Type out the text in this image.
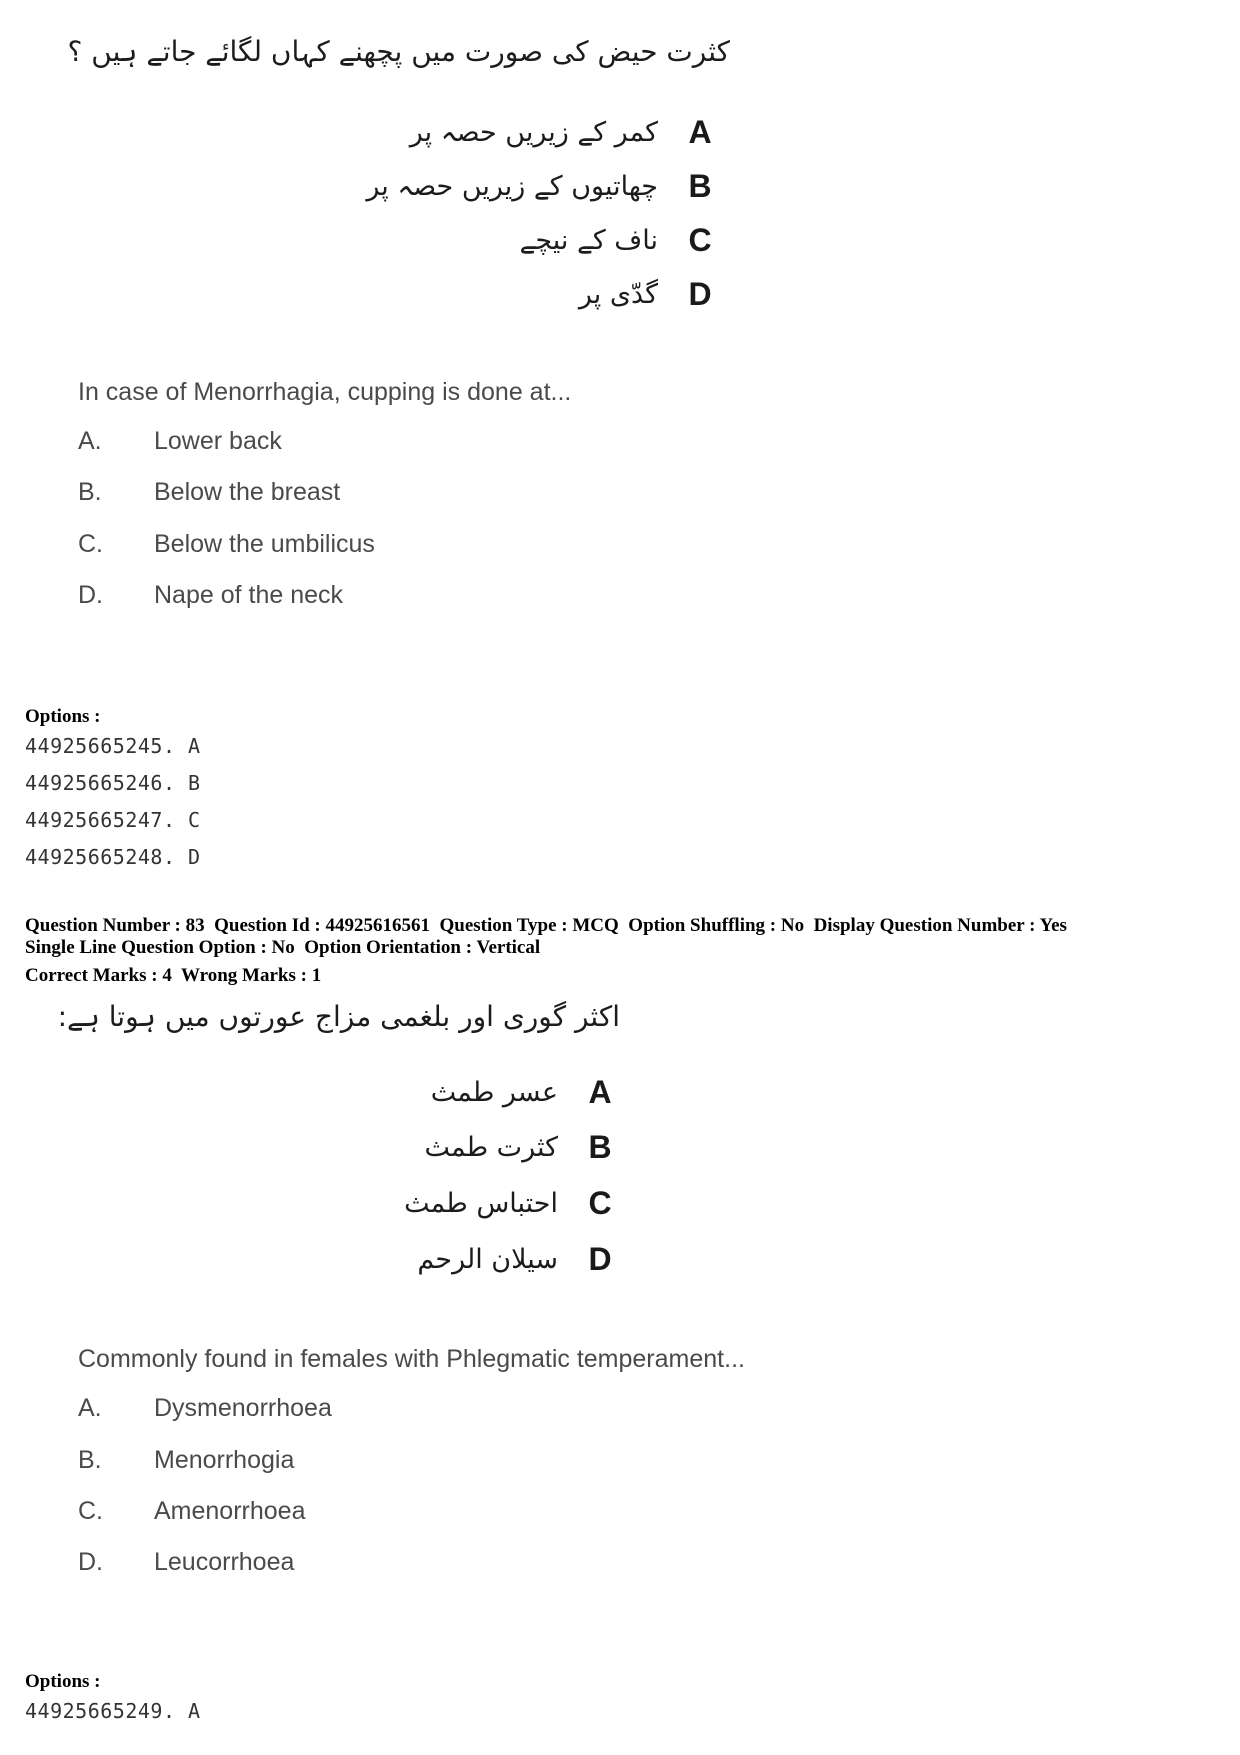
کثرت حیض کی صورت میں پچھنے کہاں لگائے جاتے ہیں ؟
A
کمر کے زیریں حصہ پر
B
چھاتیوں کے زیریں حصہ پر
C
ناف کے نیچے
D
گدّی پر
In case of Menorrhagia, cupping is done at...
A. Lower back
B. Below the breast
C. Below the umbilicus
D. Nape of the neck
Options :
44925665245. A
44925665246. B
44925665247. C
44925665248. D
Question Number : 83  Question Id : 44925616561  Question Type : MCQ  Option Shuffling : No  Display Question Number : Yes
Single Line Question Option : No  Option Orientation : Vertical
Correct Marks : 4  Wrong Marks : 1
اکثر گوری اور بلغمی مزاج عورتوں میں ہوتا ہے:
A
عسر طمث
B
کثرت طمث
C
احتباس طمث
D
سیلان الرحم
Commonly found in females with Phlegmatic temperament...
A. Dysmenorrhoea
B. Menorrhogia
C. Amenorrhoea
D. Leucorrhoea
Options :
44925665249. A
